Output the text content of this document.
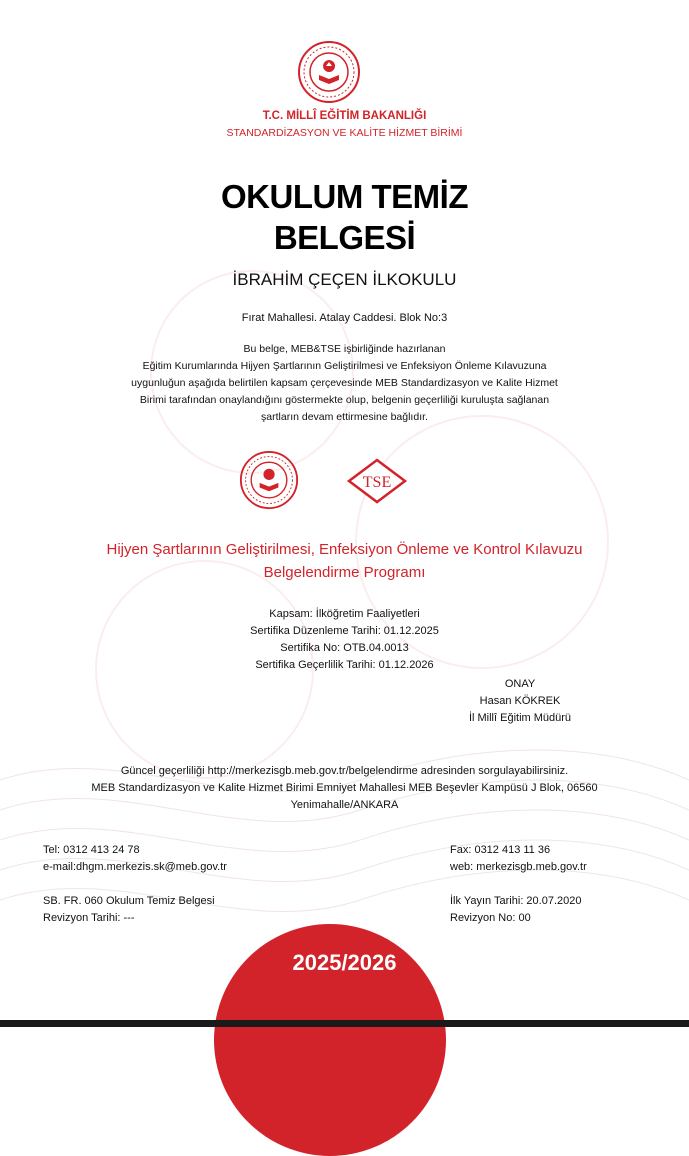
T.C. MİLLÎ EĞİTİM BAKANLIĞI
STANDARDİZASYON VE KALİTE HİZMET BİRİMİ
OKULUM TEMİZ
BELGESİ
İBRAHİM ÇEÇEN İLKOKULU
Fırat Mahallesi. Atalay Caddesi. Blok No:3
Bu belge, MEB&TSE işbirliğinde hazırlanan
Eğitim Kurumlarında Hijyen Şartlarının Geliştirilmesi ve Enfeksiyon Önleme Kılavuzuna
uygunluğun aşağıda belirtilen kapsam çerçevesinde MEB Standardizasyon ve Kalite Hizmet
Birimi tarafından onaylandığını göstermekte olup, belgenin geçerliliği kuruluşta sağlanan
şartların devam ettirmesine bağlıdır.
TSE
Hijyen Şartlarının Geliştirilmesi, Enfeksiyon Önleme ve Kontrol Kılavuzu
Belgelendirme Programı
Kapsam: İlköğretim Faaliyetleri
Sertifika Düzenleme Tarihi: 01.12.2025
Sertifika No: OTB.04.0013
Sertifika Geçerlilik Tarihi: 01.12.2026
ONAY
Hasan KÖKREK
İl Millî Eğitim Müdürü
Güncel geçerliliği http://merkezisgb.meb.gov.tr/belgelendirme adresinden sorgulayabilirsiniz.
MEB Standardizasyon ve Kalite Hizmet Birimi Emniyet Mahallesi MEB Beşevler Kampüsü J Blok, 06560
Yenimahalle/ANKARA
Tel: 0312 413 24 78
e-mail:dhgm.merkezis.sk@meb.gov.tr
Fax: 0312 413 11 36
web: merkezisgb.meb.gov.tr
SB. FR. 060 Okulum Temiz Belgesi
Revizyon Tarihi: ---
İlk Yayın Tarihi: 20.07.2020
Revizyon No: 00
2025/2026
